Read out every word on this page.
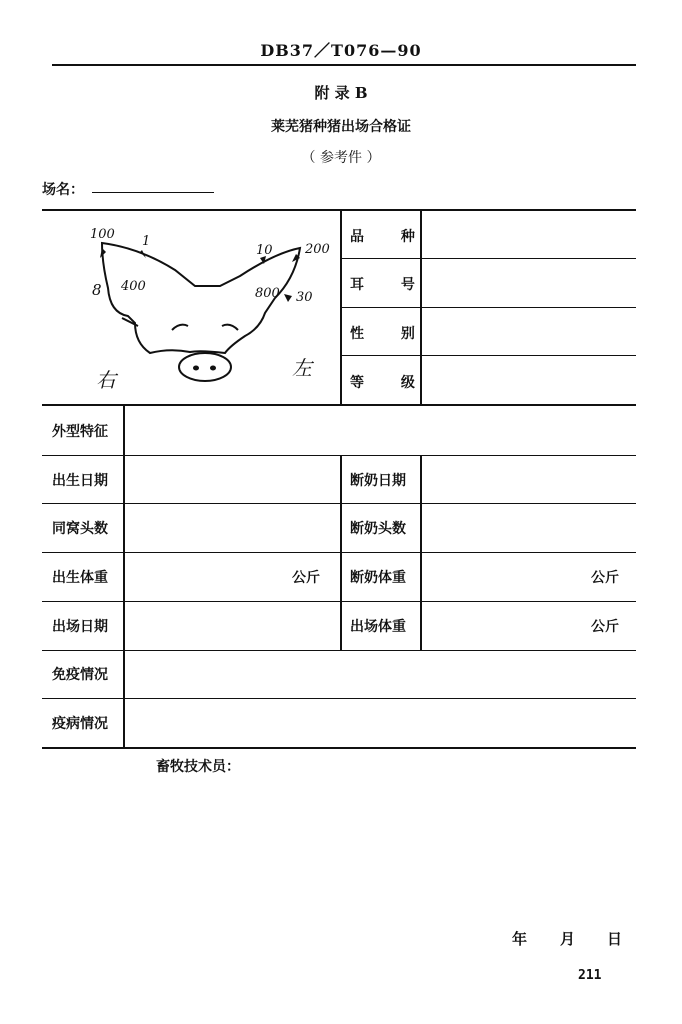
DB37／T076—90
附 录 B
莱芜猪种猪出场合格证
（ 参考件 ）
场名：
100 1
8 400
10 200
800 30
右	左
品 种
耳 号
性 别
等 级
外型特征
出生日期	断奶日期
同窝头数	断奶头数
出生体重	公斤 断奶体重	公斤
出场日期	出场体重	公斤
免疫情况
疫病情况
畜牧技术员：
年 月 日
211
